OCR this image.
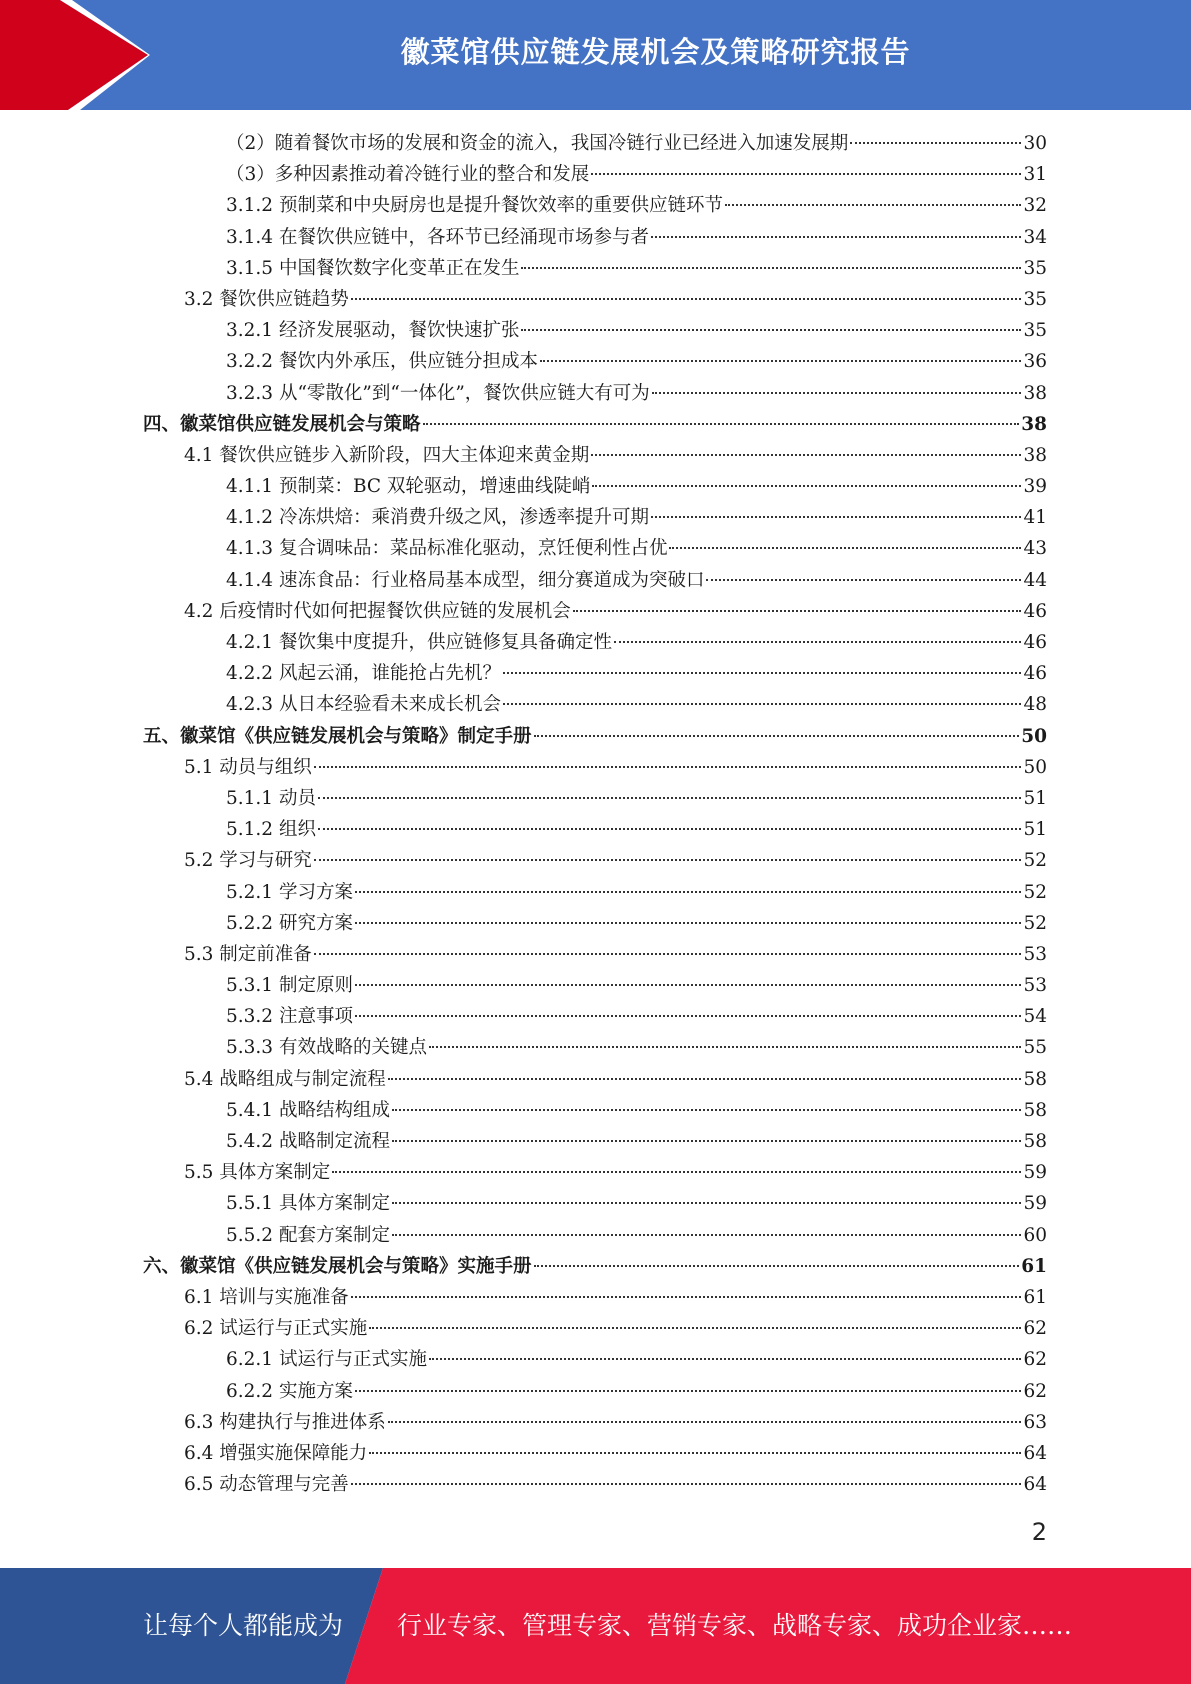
徽菜馆供应链发展机会及策略研究报告
（2）随着餐饮市场的发展和资金的流入，我国冷链行业已经进入加速发展期	30
（3）多种因素推动着冷链行业的整合和发展	31
3.1.2 预制菜和中央厨房也是提升餐饮效率的重要供应链环节	32
3.1.4 在餐饮供应链中，各环节已经涌现市场参与者	34
3.1.5 中国餐饮数字化变革正在发生	35
3.2 餐饮供应链趋势	35
3.2.1 经济发展驱动，餐饮快速扩张	35
3.2.2 餐饮内外承压，供应链分担成本	36
3.2.3 从“零散化”到“一体化”，餐饮供应链大有可为	38
四、徽菜馆供应链发展机会与策略	38
4.1 餐饮供应链步入新阶段，四大主体迎来黄金期	38
4.1.1 预制菜：BC 双轮驱动，增速曲线陡峭	39
4.1.2 冷冻烘焙：乘消费升级之风，渗透率提升可期	41
4.1.3 复合调味品：菜品标准化驱动，烹饪便利性占优	43
4.1.4 速冻食品：行业格局基本成型，细分赛道成为突破口	44
4.2 后疫情时代如何把握餐饮供应链的发展机会	46
4.2.1 餐饮集中度提升，供应链修复具备确定性	46
4.2.2 风起云涌，谁能抢占先机？	46
4.2.3 从日本经验看未来成长机会	48
五、徽菜馆《供应链发展机会与策略》制定手册	50
5.1 动员与组织	50
5.1.1 动员	51
5.1.2 组织	51
5.2 学习与研究	52
5.2.1 学习方案	52
5.2.2 研究方案	52
5.3 制定前准备	53
5.3.1 制定原则	53
5.3.2 注意事项	54
5.3.3 有效战略的关键点	55
5.4 战略组成与制定流程	58
5.4.1 战略结构组成	58
5.4.2 战略制定流程	58
5.5 具体方案制定	59
5.5.1 具体方案制定	59
5.5.2 配套方案制定	60
六、徽菜馆《供应链发展机会与策略》实施手册	61
6.1 培训与实施准备	61
6.2 试运行与正式实施	62
6.2.1 试运行与正式实施	62
6.2.2 实施方案	62
6.3 构建执行与推进体系	63
6.4 增强实施保障能力	64
6.5 动态管理与完善	64
2
让每个人都能成为 行业专家、管理专家、营销专家、战略专家、成功企业家……
